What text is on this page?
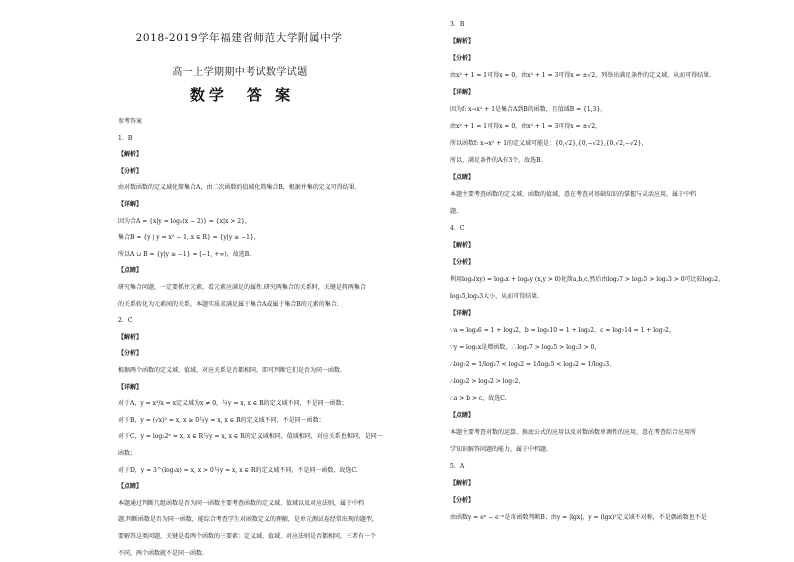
2018-2019学年福建省师范大学附属中学
高一上学期期中考试数学试题
数学　答 案
参考答案
1．B
【解析】
【分析】
由对数函数的定义域化简集合A，由二次函数的值域化简集合B，根据并集的定义可得结果.
【详解】
因为合A = {x|y = log₂(x − 2)} = {x|x > 2}，
集合B = {y | y = x² − 1, x ∈ R} = {y|y ≥ −1}，
所以A ∪ B = {y|y ≥ −1} = [−1, +∞)，故选B.
【点睛】
研究集合问题，一定要抓住元素，看元素应满足的属性.研究两集合的关系时，关键是将两集合
的关系转化为元素间的关系，本题实质求满足属于集合A或属于集合B的元素的集合.
2．C
【解析】
【分析】
根据两个函数的定义域、值域、对应关系是否都相同，即可判断它们是否为同一函数.
【详解】
对于A，y = x²/x = x定义域为x ≠ 0，与y = x, x ∈ R的定义域不同，不是同一函数；
对于B，y = (√x)² = x, x ≥ 0与y = x, x ∈ R的定义域不同，不是同一函数；
对于C，y = log₂2ˣ = x, x ∈ R与y = x, x ∈ R的定义域相同，值域相同，对应关系也相同，是同一
函数；
对于D，y = 3^(log₃x) = x, x > 0与y = x, x ∈ R的定义域不同，不是同一函数，故选C.
【点睛】
本题通过判断几组函数是否为同一函数主要考查函数的定义域、值域以及对应法则，属于中档
题.判断函数是否为同一函数，能综合考查学生对函数定义的理解，是单元测试卷经常出现的题型，
要解答这类问题，关键是看两个函数的三要素：定义域、值域、对应法则是否都相同，三者有一个
不同，两个函数就不是同一函数.
3．B
【解析】
【分析】
由x² + 1 = 1可得x = 0，由x² + 1 = 3可得x = ±√2，列举出满足条件的定义域，从而可得结果.
【详解】
因为f: x→x² + 1是集合A到B的函数，且值域B = {1,3}，
由x² + 1 = 1可得x = 0，由x² + 1 = 3可得x = ±√2，
所以函数f: x→x² + 1的定义域可能是：{0,√2},{0,−√2},{0,√2,−√2}，
所以，满足条件的A有3个，故选B.
【点睛】
本题主要考查函数的定义域、函数的值域，意在考查对基础知识的掌握与灵活应用，属于中档
题.
4．C
【解析】
【分析】
利用logₐ(xy) = logₐx + logₐy (x,y > 0)化简a,b,c,然后由log₂7 > log₂5 > log₂3 > 0可比较log₂2,
log₂5,log₂3大小，从而可得结果.
【详解】
∵a = log₃6 = 1 + log₃2，b = log₅10 = 1 + log₅2，c = log₇14 = 1 + log₇2，
∵y = log₂x是增函数，∴log₂7 > log₂5 > log₂3 > 0，
∴log₇2 = 1/log₂7 < log₅2 = 1/log₂5 < log₃2 = 1/log₂3，
∴log₃2 > log₅2 > log₇2，
∴a > b > c，故选C.
【点睛】
本题主要考查对数的运算、换底公式的应用以及对数函数单调性的应用，意在考查综合应用所
学知识解答问题的能力，属于中档题.
5．A
【解析】
【分析】
由函数y = eˣ − e⁻ˣ是奇函数判断B；由y = |lgx|，y = (lgx)²定义域不对称，不是偶函数也不是
